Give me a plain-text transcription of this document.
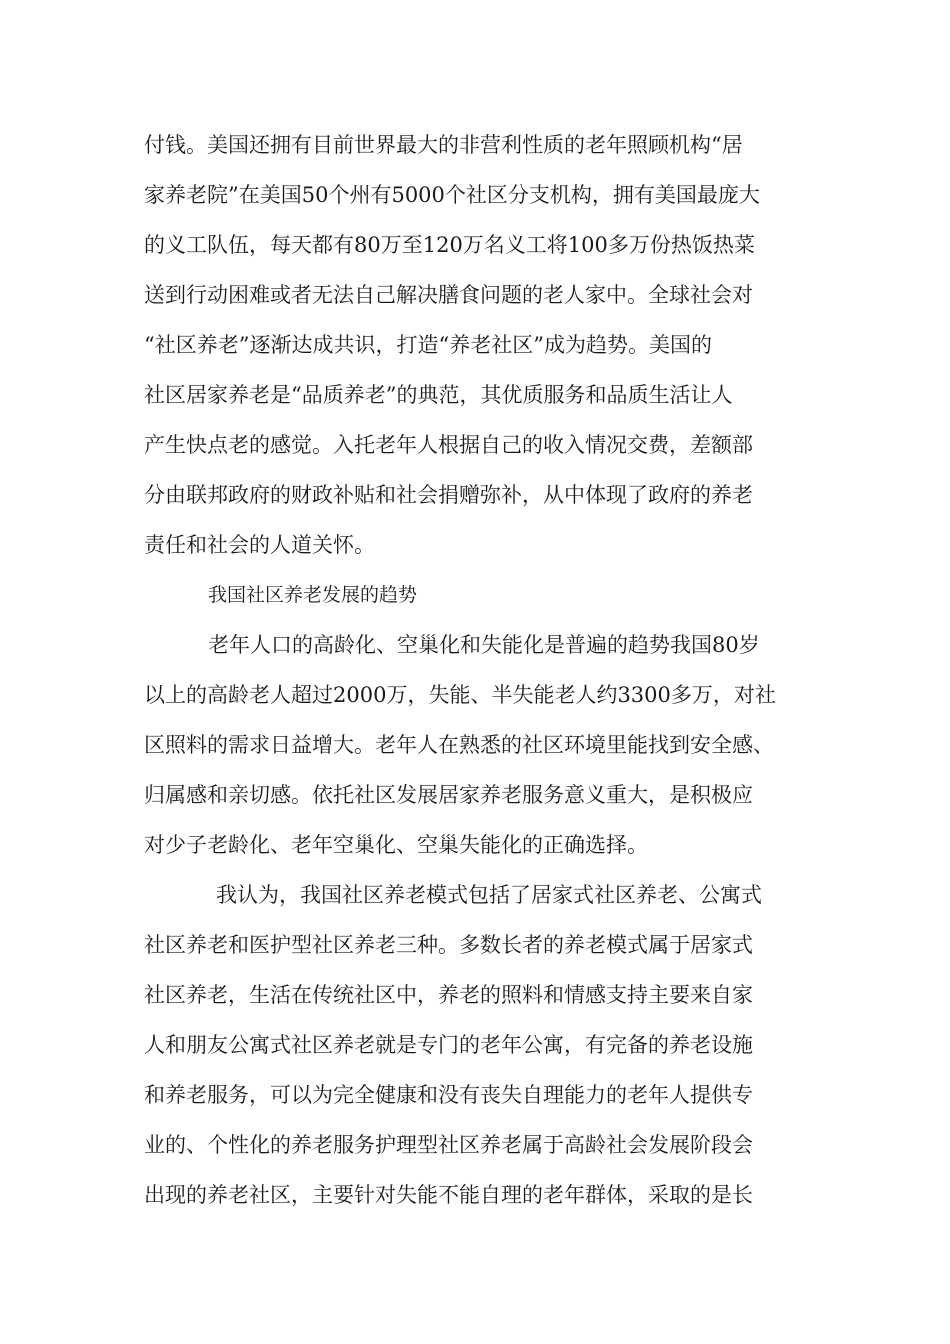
付钱。美国还拥有目前世界最大的非营利性质的老年照顾机构“居
家养老院”在美国50个州有5000个社区分支机构，拥有美国最庞大
的义工队伍，每天都有80万至120万名义工将100多万份热饭热菜
送到行动困难或者无法自己解决膳食问题的老人家中。全球社会对
“社区养老”逐渐达成共识，打造“养老社区”成为趋势。美国的
社区居家养老是“品质养老”的典范，其优质服务和品质生活让人
产生快点老的感觉。入托老年人根据自己的收入情况交费，差额部
分由联邦政府的财政补贴和社会捐赠弥补，从中体现了政府的养老
责任和社会的人道关怀。
我国社区养老发展的趋势
老年人口的高龄化、空巢化和失能化是普遍的趋势我国80岁
以上的高龄老人超过2000万，失能、半失能老人约3300多万，对社
区照料的需求日益增大。老年人在熟悉的社区环境里能找到安全感、
归属感和亲切感。依托社区发展居家养老服务意义重大，是积极应
对少子老龄化、老年空巢化、空巢失能化的正确选择。
我认为，我国社区养老模式包括了居家式社区养老、公寓式
社区养老和医护型社区养老三种。多数长者的养老模式属于居家式
社区养老，生活在传统社区中，养老的照料和情感支持主要来自家
人和朋友公寓式社区养老就是专门的老年公寓，有完备的养老设施
和养老服务，可以为完全健康和没有丧失自理能力的老年人提供专
业的、个性化的养老服务护理型社区养老属于高龄社会发展阶段会
出现的养老社区，主要针对失能不能自理的老年群体，采取的是长
